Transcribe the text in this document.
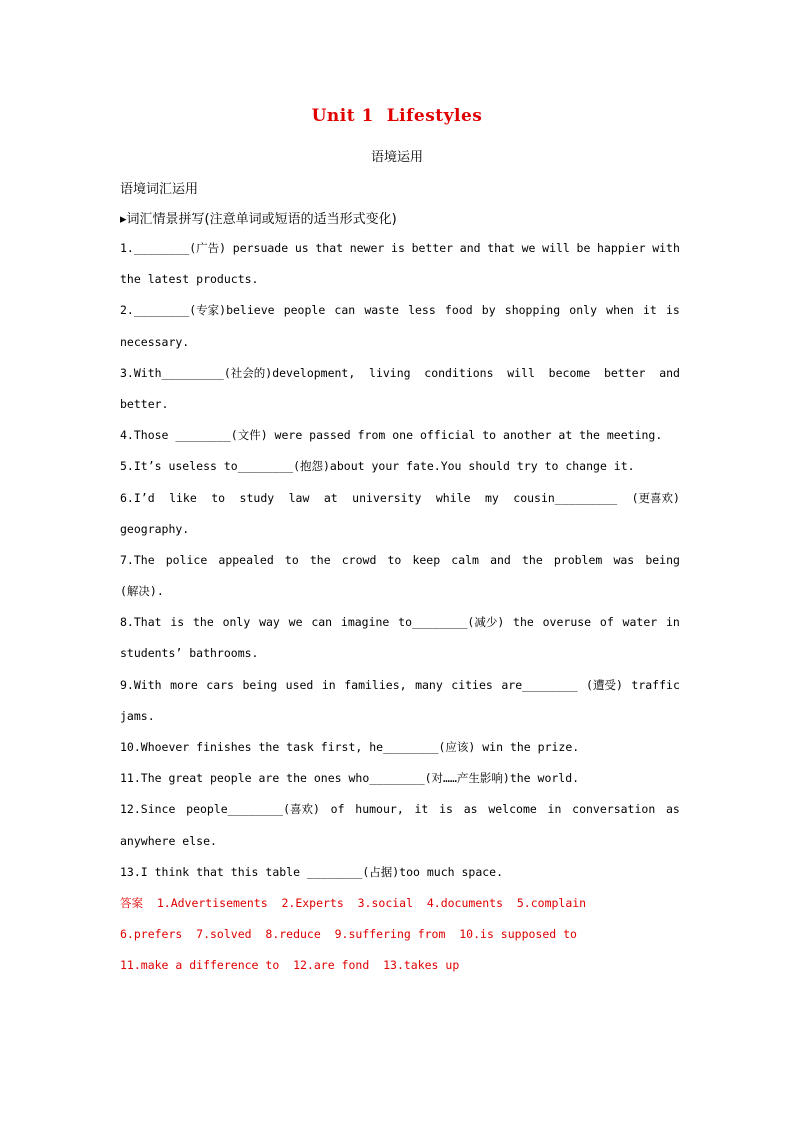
Unit 1  Lifestyles
语境运用
语境词汇运用
▸词汇情景拼写(注意单词或短语的适当形式变化)
1.________(广告) persuade us that newer is better and that we will be happier with
the latest products.
2.________(专家)believe people can waste less food by shopping only when it is
necessary.
3.With_________(社会的)development, living conditions will become better and
better.
4.Those ________(文件) were passed from one official to another at the meeting.
5.It’s useless to________(抱怨)about your fate.You should try to change it.
6.I’d like to study law at university while my cousin_________ (更喜欢)
geography.
7.The police appealed to the crowd to keep calm and the problem was being
(解决).
8.That is the only way we can imagine to________(减少) the overuse of water in
students’ bathrooms.
9.With more cars being used in families, many cities are________ (遭受) traffic
jams.
10.Whoever finishes the task first, he________(应该) win the prize.
11.The great people are the ones who________(对……产生影响)the world.
12.Since people________(喜欢) of humour, it is as welcome in conversation as
anywhere else.
13.I think that this table ________(占据)too much space.
答案  1.Advertisements  2.Experts  3.social  4.documents  5.complain
6.prefers  7.solved  8.reduce  9.suffering from  10.is supposed to
11.make a difference to  12.are fond  13.takes up
